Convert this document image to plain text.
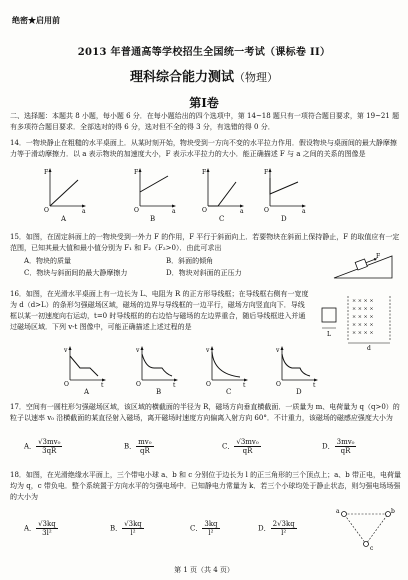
绝密★启用前
2013 年普通高等学校招生全国统一考试（课标卷 II）
理科综合能力测试（物理）
第Ⅰ卷
二、选择题：本题共 8 小题，每小题 6 分．在每小题给出的四个选项中，第 14~18 题只有一项符合题目要求，第 19~21 题有多项符合题目要求．全部选对的得 6 分，选对但不全的得 3 分，有选错的得 0 分．
14．一物块静止在粗糙的水平桌面上．从某时刻开始，物块受到一方向不变的水平拉力作用．假设物块与桌面间的最大静摩擦力等于滑动摩擦力．以 a 表示物块的加速度大小，F 表示水平拉力的大小．能正确描述 F 与 a 之间的关系的图像是
F
a
O
F
a
O
F
a
O
F
a
O
A	B	C	D
15．如图，在固定斜面上的一物块受到一外力 F 的作用，F 平行于斜面向上．若要物块在斜面上保持静止，F 的取值应有一定范围，已知其最大值和最小值分别为 F₁ 和 F₂（F₂>0）．由此可求出
A．物块的质量	B．斜面的倾角
C．物块与斜面间的最大静摩擦力	D．物块对斜面的正压力
F
16．如图，在光滑水平桌面上有一边长为 L、电阻为 R 的正方形导线框；在导线框右侧有一宽度为 d（d>L）的条形匀强磁场区域，磁场的边界与导线框的一边平行，磁场方向竖直向下．导线框以某一初速度向右运动，t=0 时导线框的的右边恰与磁场的左边界重合，随后导线框进入并通过磁场区域．下列 v-t 图像中，可能正确描述上述过程的是
L
× × × ×
× × × ×
× × × ×
× × × ×
× × × ×
d
v
t
O
v
t
O
v
t
O
v
t
O
A	B	C	D
17．空间有一圆柱形匀强磁场区域，该区域的横截面的半径为 R，磁场方向垂直横截面．一质量为 m、电荷量为 q（q>0）的粒子以速率 v₀ 沿横截面的某直径射入磁场，离开磁场时速度方向偏离入射方向 60°．不计重力，该磁场的磁感应强度大小为
A． $\frac{\text{√3mv₀}}{3qR}$	B． $\frac{\text{mv₀}}{qR}$	C． $\frac{\text{√3mv₀}}{qR}$	D． $\frac{\text{3mv₀}}{qR}$
18．如图，在光滑绝缘水平面上，三个带电小球 a、b 和 c 分别位于边长为 l 的正三角形的三个顶点上；a、b 带正电，电荷量均为 q，c 带负电．整个系统置于方向水平的匀强电场中．已知静电力常量为 k．若三个小球均处于静止状态，则匀强电场场强的大小为
A． $\frac{√3kq}{\text{3l²}}$	B． $\frac{√3kq}{\text{l²}}$	C． $\frac{3kq}{\text{l²}}$	D． $\frac{2√3kq}{\text{l²}}$
a	b
c
第 1 页（共 4 页）
